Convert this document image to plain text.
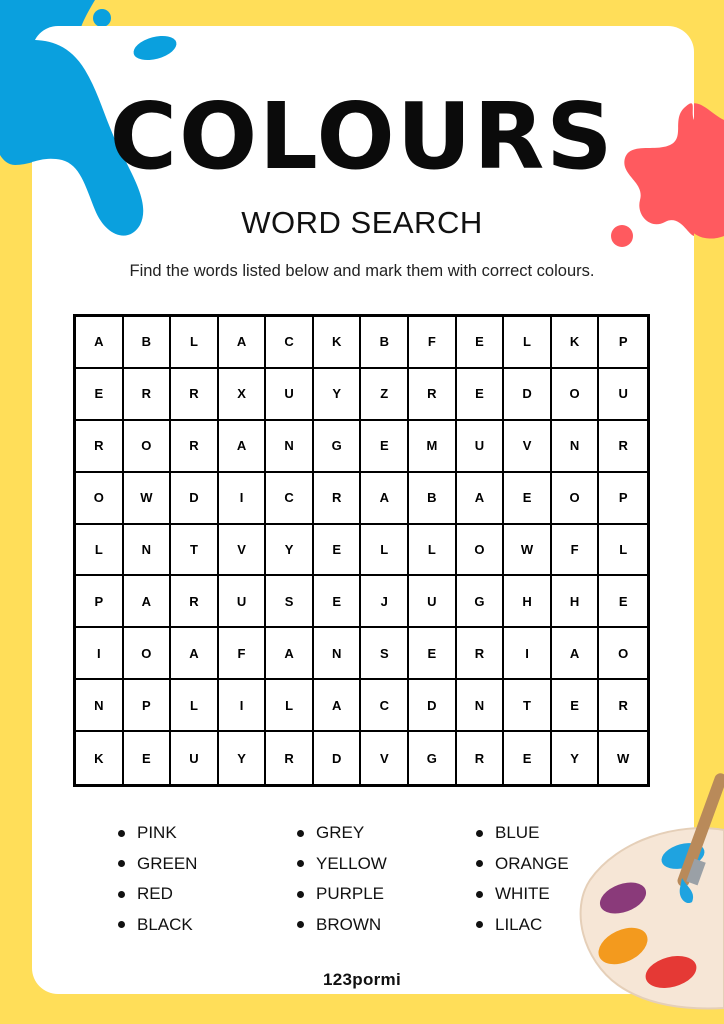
COLOURS
WORD SEARCH
Find the words listed below and mark them with correct colours.
A	B	L	A	C	K	B	F	E	L	K	P
E	R	R	X	U	Y	Z	R	E	D	O	U
R	O	R	A	N	G	E	M	U	V	N	R
O	W	D	I	C	R	A	B	A	E	O	P
L	N	T	V	Y	E	L	L	O	W	F	L
P	A	R	U	S	E	J	U	G	H	H	E
I	O	A	F	A	N	S	E	R	I	A	O
N	P	L	I	L	A	C	D	N	T	E	R
K	E	U	Y	R	D	V	G	R	E	Y	W
PINK	GREY	BLUE
GREEN	YELLOW	ORANGE
RED	PURPLE	WHITE
BLACK	BROWN	LILAC
123pormi
